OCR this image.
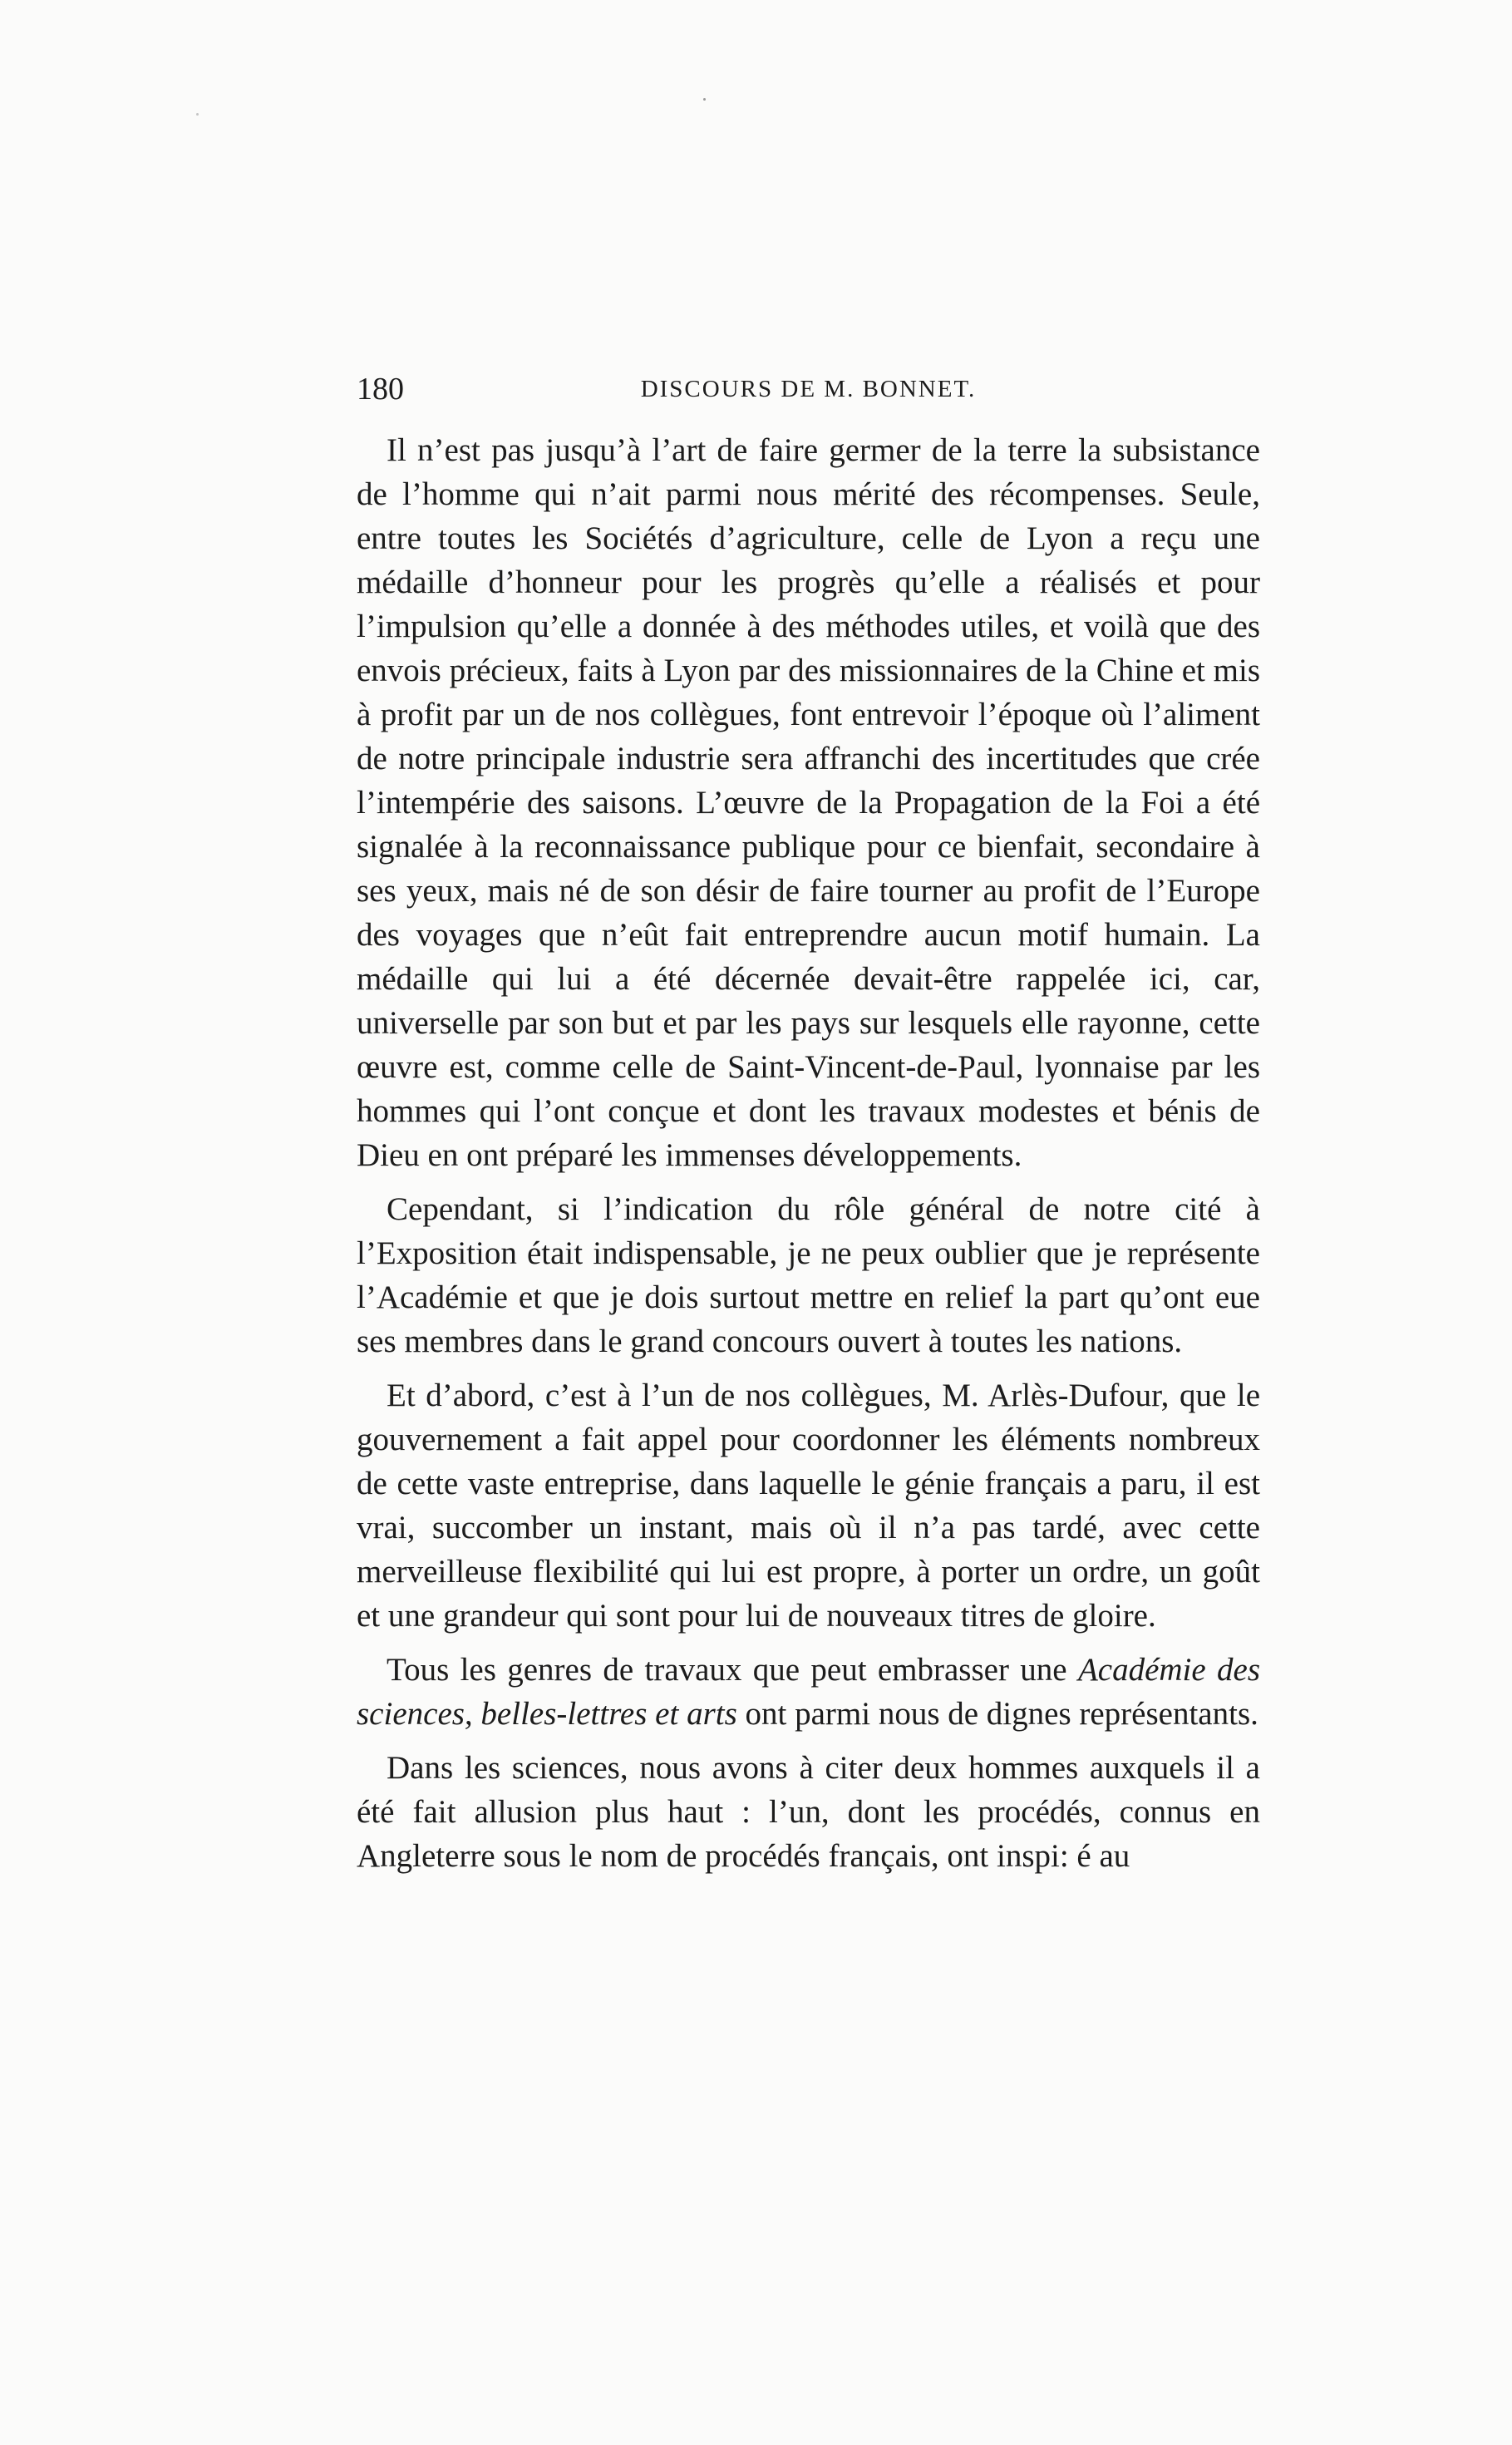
180	DISCOURS DE M. BONNET.

Il n’est pas jusqu’à l’art de faire germer de la terre la subsistance de l’homme qui n’ait parmi nous mérité des récompenses. Seule, entre toutes les Sociétés d’agriculture, celle de Lyon a reçu une médaille d’honneur pour les progrès qu’elle a réalisés et pour l’impulsion qu’elle a donnée à des méthodes utiles, et voilà que des envois précieux, faits à Lyon par des missionnaires de la Chine et mis à profit par un de nos collègues, font entrevoir l’époque où l’aliment de notre principale industrie sera affranchi des incertitudes que crée l’intempérie des saisons. L’œuvre de la Propagation de la Foi a été signalée à la reconnaissance publique pour ce bienfait, secondaire à ses yeux, mais né de son désir de faire tourner au profit de l’Europe des voyages que n’eût fait entreprendre aucun motif humain. La médaille qui lui a été décernée devait-être rappelée ici, car, universelle par son but et par les pays sur lesquels elle rayonne, cette œuvre est, comme celle de Saint-Vincent-de-Paul, lyonnaise par les hommes qui l’ont conçue et dont les travaux modestes et bénis de Dieu en ont préparé les immenses développements.

Cependant, si l’indication du rôle général de notre cité à l’Exposition était indispensable, je ne peux oublier que je représente l’Académie et que je dois surtout mettre en relief la part qu’ont eue ses membres dans le grand concours ouvert à toutes les nations.

Et d’abord, c’est à l’un de nos collègues, M. Arlès-Dufour, que le gouvernement a fait appel pour coordonner les éléments nombreux de cette vaste entreprise, dans laquelle le génie français a paru, il est vrai, succomber un instant, mais où il n’a pas tardé, avec cette merveilleuse flexibilité qui lui est propre, à porter un ordre, un goût et une grandeur qui sont pour lui de nouveaux titres de gloire.

Tous les genres de travaux que peut embrasser une Académie des sciences, belles-lettres et arts ont parmi nous de dignes représentants.

Dans les sciences, nous avons à citer deux hommes auxquels il a été fait allusion plus haut : l’un, dont les procédés, connus en Angleterre sous le nom de procédés français, ont inspi: é au
